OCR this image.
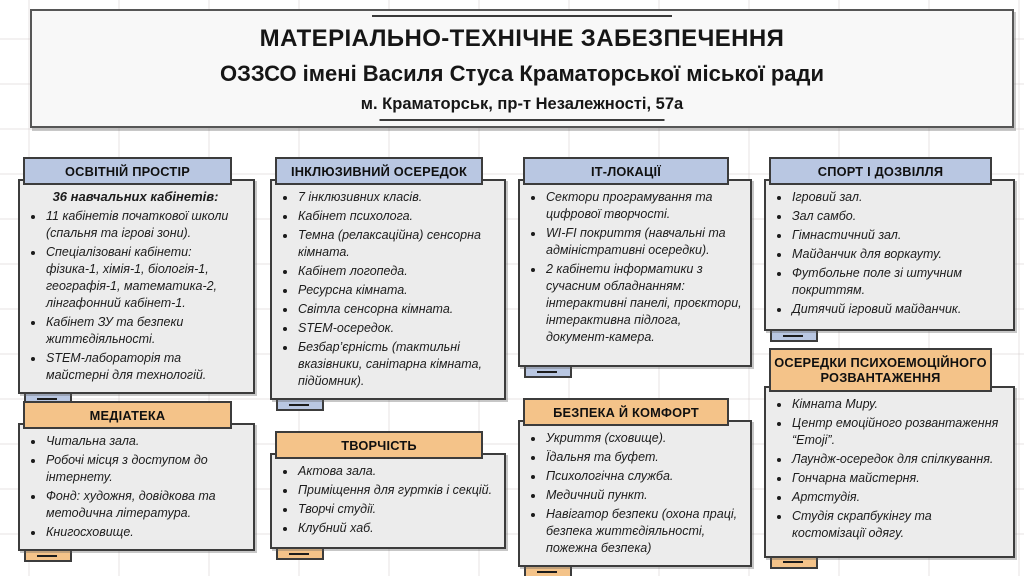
МАТЕРІАЛЬНО-ТЕХНІЧНЕ ЗАБЕЗПЕЧЕННЯ
ОЗЗСО імені Василя Стуса Краматорської міської ради
м. Краматорськ, пр-т Незалежності, 57а
ОСВІТНІЙ ПРОСТІР
36 навчальних кабінетів:
• 11 кабінетів початкової школи (спальня та ігрові зони).
• Спеціалізовані кабінети: фізика-1, хімія-1, біологія-1, географія-1, математика-2, лінгафонний кабінет-1.
• Кабінет ЗУ та безпеки життєдіяльності.
• STEM-лабораторія та майстерні для технологій.
МЕДІАТЕКА
• Читальна зала.
• Робочі місця з доступом до інтернету.
• Фонд: художня, довідкова та методична література.
• Книгосховище.
ІНКЛЮЗИВНИЙ ОСЕРЕДОК
• 7 інклюзивних класів.
• Кабінет психолога.
• Темна (релаксаційна) сенсорна кімната.
• Кабінет логопеда.
• Ресурсна кімната.
• Світла сенсорна кімната.
• STEM-осередок.
• Безбар’єрність (тактильні вказівники, санітарна кімната, підйомник).
ТВОРЧІСТЬ
• Актова зала.
• Приміщення для гуртків і секцій.
• Творчі студії.
• Клубний хаб.
ІТ-ЛОКАЦІЇ
• Сектори програмування та цифрової творчості.
• WI-FI покриття (навчальні та адміністративні осередки).
• 2 кабінети інформатики з сучасним обладнанням: інтерактивні панелі, проєктори, інтерактивна підлога, документ-камера.
БЕЗПЕКА Й КОМФОРТ
• Укриття (сховище).
• Їдальня та буфет.
• Психологічна служба.
• Медичний пункт.
• Навігатор безпеки (охона праці, безпека життєдіяльності, пожежна безпека)
СПОРТ І ДОЗВІЛЛЯ
• Ігровий зал.
• Зал самбо.
• Гімнастичний зал.
• Майданчик для воркауту.
• Футбольне поле зі штучним покриттям.
• Дитячий ігровий майданчик.
ОСЕРЕДКИ ПСИХОЕМОЦІЙНОГО РОЗВАНТАЖЕННЯ
• Кімната Миру.
• Центр емоційного розвантаження “Emoji”.
• Лаундж-осередок для спілкування.
• Гончарна майстерня.
• Артстудія.
• Студія скрапбукінгу та костомізації одягу.
